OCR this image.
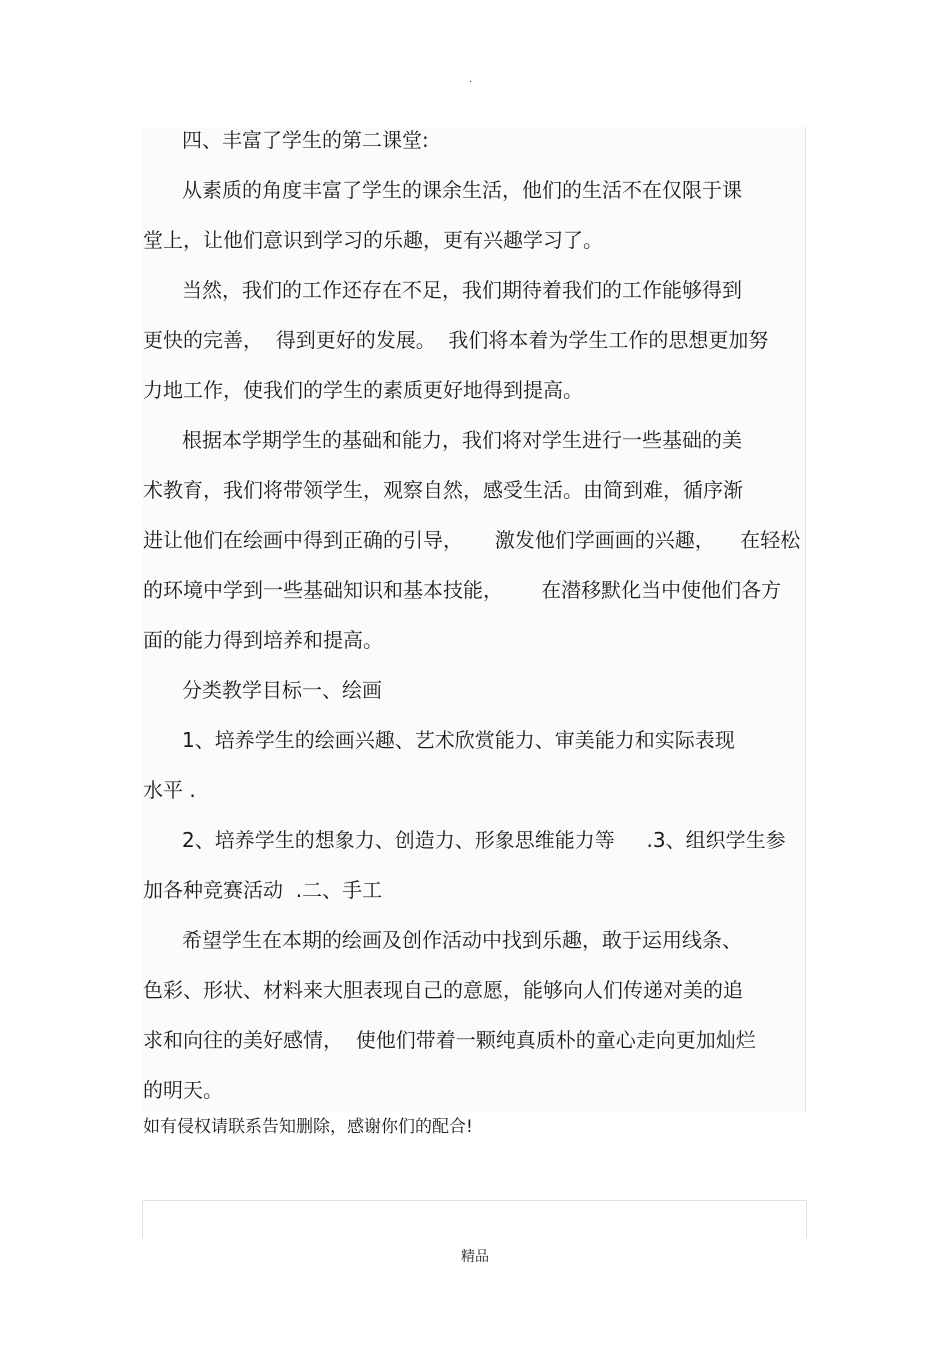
.
四、丰富了学生的第二课堂:
从素质的角度丰富了学生的课余生活，他们的生活不在仅限于课
堂上，让他们意识到学习的乐趣，更有兴趣学习了。
当然，我们的工作还存在不足，我们期待着我们的工作能够得到
更快的完善，  得到更好的发展。  我们将本着为学生工作的思想更加努
力地工作，使我们的学生的素质更好地得到提高。
根据本学期学生的基础和能力，我们将对学生进行一些基础的美
术教育，我们将带领学生，观察自然，感受生活。由简到难，循序渐
进让他们在绘画中得到正确的引导，     激发他们学画画的兴趣，    在轻松
的环境中学到一些基础知识和基本技能，      在潜移默化当中使他们各方
面的能力得到培养和提高。
分类教学目标一、绘画
1、培养学生的绘画兴趣、艺术欣赏能力、审美能力和实际表现
水平 .
2、培养学生的想象力、创造力、形象思维能力等     .3、组织学生参
加各种竞赛活动  .二、手工
希望学生在本期的绘画及创作活动中找到乐趣，敢于运用线条、
色彩、形状、材料来大胆表现自己的意愿，能够向人们传递对美的追
求和向往的美好感情，  使他们带着一颗纯真质朴的童心走向更加灿烂
的明天。
如有侵权请联系告知删除，感谢你们的配合!
精品
